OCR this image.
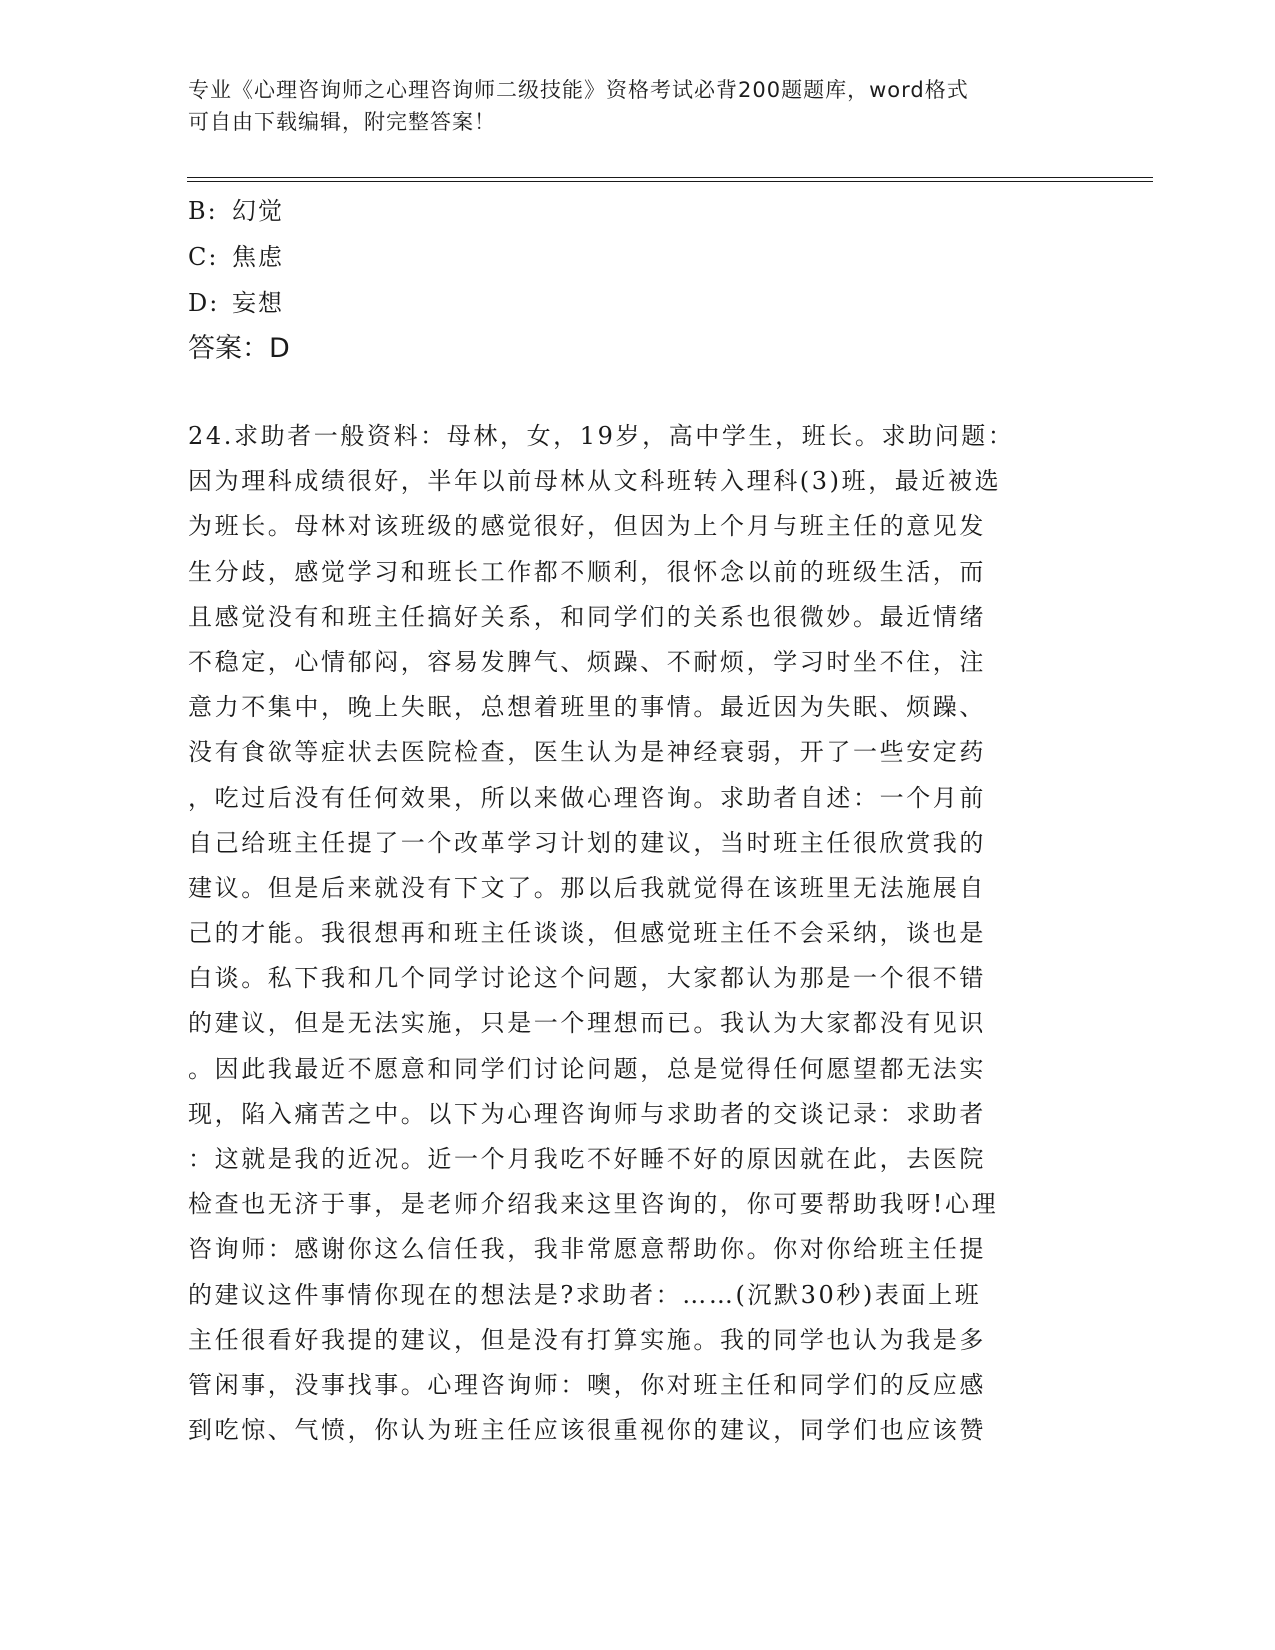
专业《心理咨询师之心理咨询师二级技能》资格考试必背200题题库，word格式
可自由下载编辑，附完整答案！
B: 幻觉
C: 焦虑
D: 妄想
答案：D
24.求助者一般资料：母林，女，19岁，高中学生，班长。求助问题：
因为理科成绩很好，半年以前母林从文科班转入理科(3)班，最近被选
为班长。母林对该班级的感觉很好，但因为上个月与班主任的意见发
生分歧，感觉学习和班长工作都不顺利，很怀念以前的班级生活，而
且感觉没有和班主任搞好关系，和同学们的关系也很微妙。最近情绪
不稳定，心情郁闷，容易发脾气、烦躁、不耐烦，学习时坐不住，注
意力不集中，晚上失眠，总想着班里的事情。最近因为失眠、烦躁、
没有食欲等症状去医院检查，医生认为是神经衰弱，开了一些安定药
，吃过后没有任何效果，所以来做心理咨询。求助者自述：一个月前
自己给班主任提了一个改革学习计划的建议，当时班主任很欣赏我的
建议。但是后来就没有下文了。那以后我就觉得在该班里无法施展自
己的才能。我很想再和班主任谈谈，但感觉班主任不会采纳，谈也是
白谈。私下我和几个同学讨论这个问题，大家都认为那是一个很不错
的建议，但是无法实施，只是一个理想而已。我认为大家都没有见识
。因此我最近不愿意和同学们讨论问题，总是觉得任何愿望都无法实
现，陷入痛苦之中。以下为心理咨询师与求助者的交谈记录：求助者
：这就是我的近况。近一个月我吃不好睡不好的原因就在此，去医院
检查也无济于事，是老师介绍我来这里咨询的，你可要帮助我呀!心理
咨询师：感谢你这么信任我，我非常愿意帮助你。你对你给班主任提
的建议这件事情你现在的想法是?求助者：……(沉默30秒)表面上班
主任很看好我提的建议，但是没有打算实施。我的同学也认为我是多
管闲事，没事找事。心理咨询师：噢，你对班主任和同学们的反应感
到吃惊、气愤，你认为班主任应该很重视你的建议，同学们也应该赞
